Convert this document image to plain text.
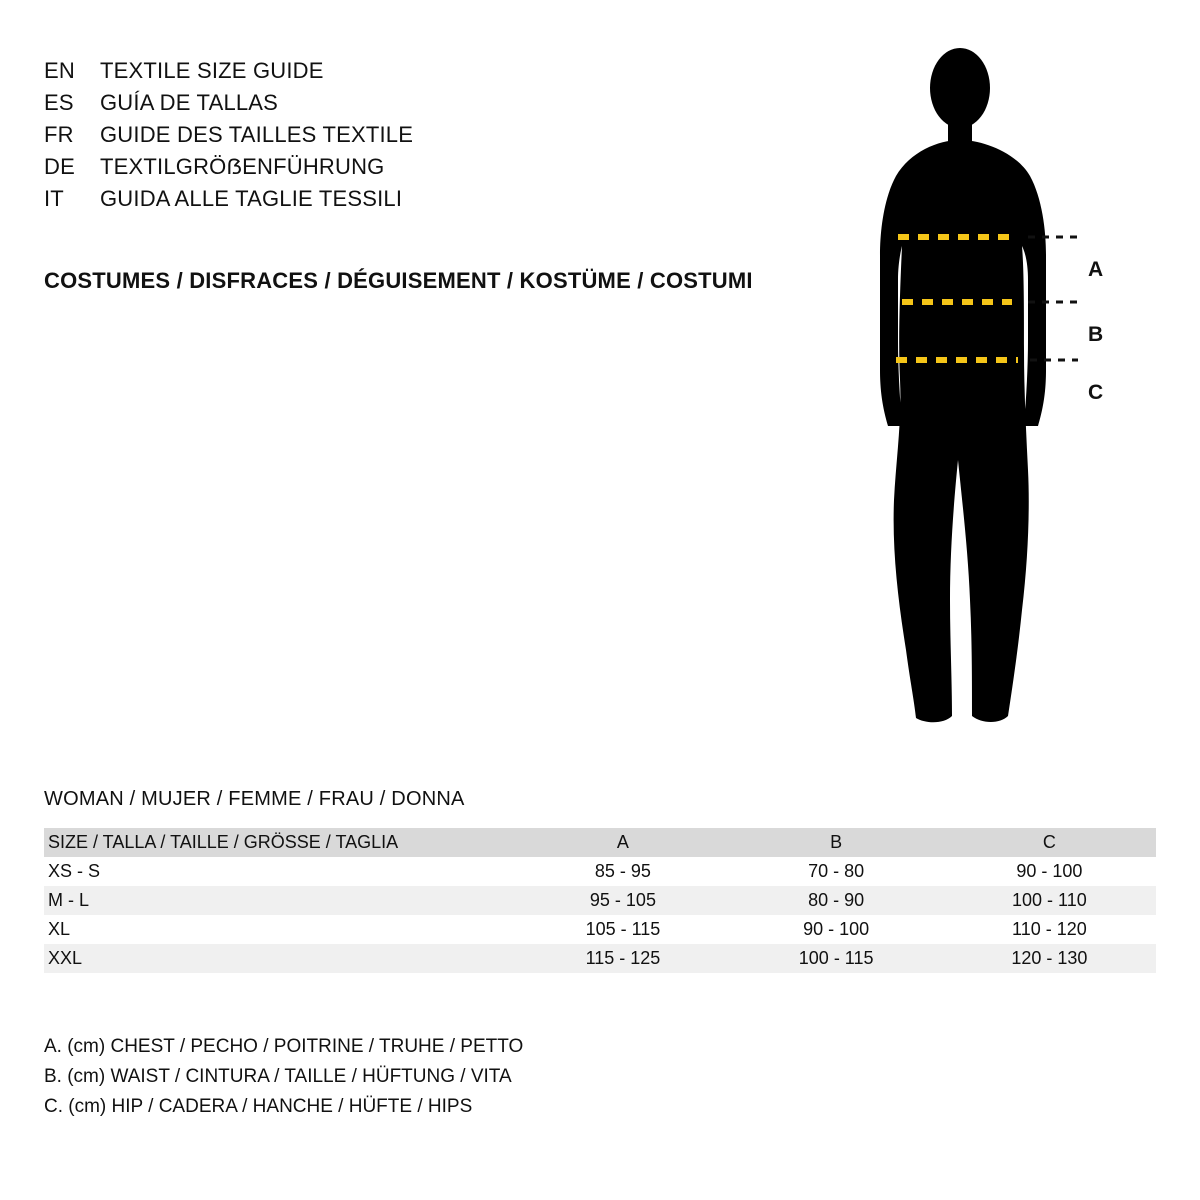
EN	TEXTILE SIZE GUIDE
ES	GUÍA DE TALLAS
FR	GUIDE DES TAILLES TEXTILE
DE	TEXTILGRÖẞENFÜHRUNG
IT	GUIDA ALLE TAGLIE TESSILI
COSTUMES / DISFRACES / DÉGUISEMENT / KOSTÜME / COSTUMI	A
B
C
WOMAN / MUJER / FEMME / FRAU / DONNA
SIZE / TALLA / TAILLE / GRÖSSE / TAGLIA	A	B	C
XS - S	85 - 95	70 - 80	90 - 100
M - L	95 - 105	80 - 90	100 - 110
XL	105 - 115	90 - 100	110 - 120
XXL	115 - 125	100 - 115	120 - 130
A. (cm) CHEST / PECHO / POITRINE / TRUHE / PETTO
B. (cm) WAIST / CINTURA / TAILLE / HÜFTUNG / VITA
C. (cm) HIP / CADERA / HANCHE / HÜFTE / HIPS
